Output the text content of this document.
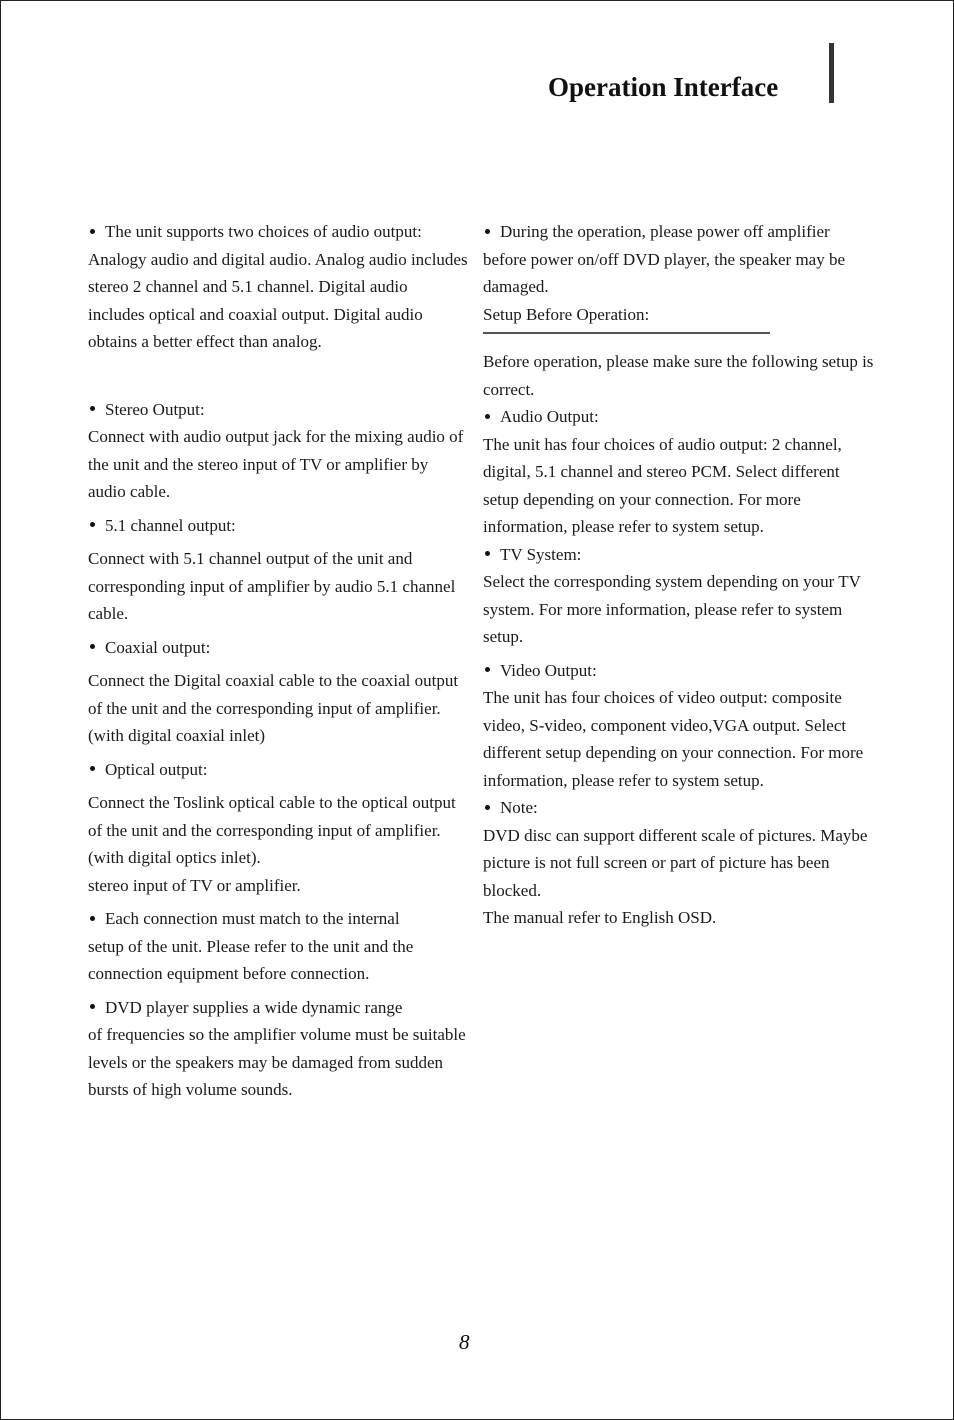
Operation Interface
The unit supports two choices of audio output:
Analogy audio and digital audio. Analog audio includes stereo 2 channel and 5.1 channel. Digital audio includes optical and coaxial output. Digital audio obtains a better effect than analog.
Stereo Output:
Connect with audio output jack for the mixing audio of the unit and the stereo input of TV or amplifier by audio cable.
5.1 channel output:
Connect with 5.1 channel output of the unit and corresponding input of amplifier by audio 5.1 channel cable.
Coaxial output:
Connect the Digital coaxial cable to the coaxial output of the unit and the corresponding input of amplifier.(with digital coaxial inlet)
Optical output:
Connect the Toslink optical cable to the optical output of the unit and the corresponding input of amplifier.(with digital optics inlet).
stereo input of TV or amplifier.
Each connection must match to the internal
setup of the unit. Please refer to the unit and the connection equipment before connection.
DVD player supplies a wide dynamic range
of frequencies so the amplifier volume must be suitable levels or the speakers may be damaged from sudden bursts of high volume sounds.
During the operation, please power off amplifier
before power on/off DVD player, the speaker may be damaged.
Setup Before Operation:
Before operation, please make sure the following setup is correct.
Audio Output:
The unit has four choices of audio output: 2 channel, digital, 5.1 channel and stereo PCM. Select different setup depending on your connection. For more information, please refer to system setup.
TV System:
Select the corresponding system depending on your TV system. For more information, please refer to system setup.
Video Output:
The unit has four choices of video output: composite video, S-video, component video,VGA output. Select different setup depending on your connection. For more information, please refer to system setup.
Note:
DVD disc can support different scale of pictures. Maybe picture is not full screen or part of picture has been blocked.
The manual refer to English OSD.
8
